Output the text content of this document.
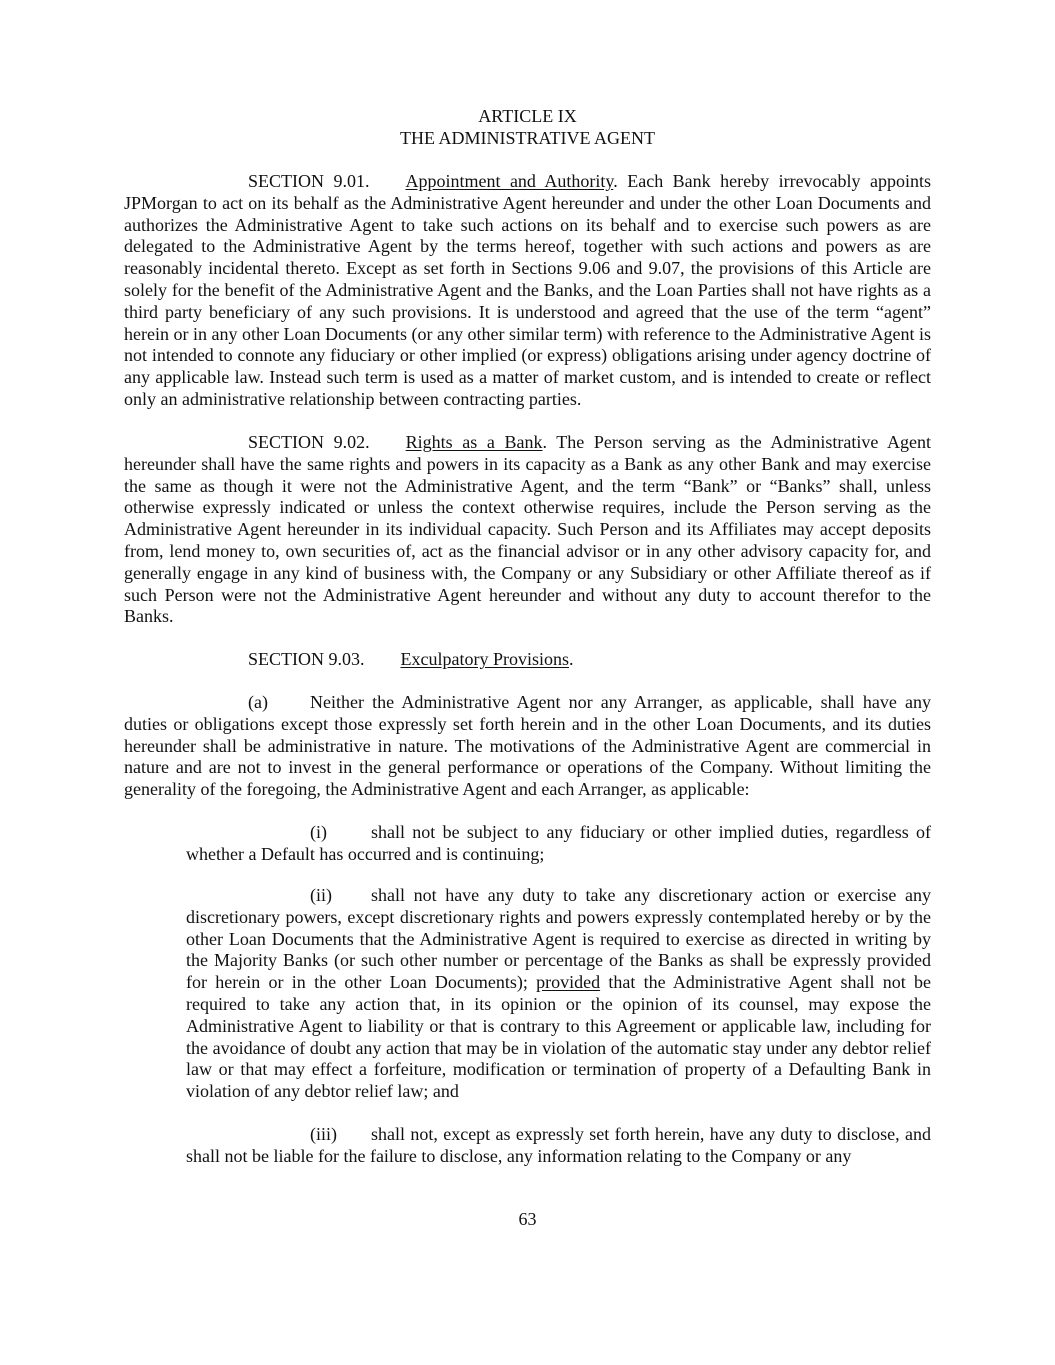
ARTICLE IX
THE ADMINISTRATIVE AGENT
SECTION 9.01. Appointment and Authority. Each Bank hereby irrevocably appoints JPMorgan to act on its behalf as the Administrative Agent hereunder and under the other Loan Documents and authorizes the Administrative Agent to take such actions on its behalf and to exercise such powers as are delegated to the Administrative Agent by the terms hereof, together with such actions and powers as are reasonably incidental thereto. Except as set forth in Sections 9.06 and 9.07, the provisions of this Article are solely for the benefit of the Administrative Agent and the Banks, and the Loan Parties shall not have rights as a third party beneficiary of any such provisions. It is understood and agreed that the use of the term “agent” herein or in any other Loan Documents (or any other similar term) with reference to the Administrative Agent is not intended to connote any fiduciary or other implied (or express) obligations arising under agency doctrine of any applicable law. Instead such term is used as a matter of market custom, and is intended to create or reflect only an administrative relationship between contracting parties.
SECTION 9.02. Rights as a Bank. The Person serving as the Administrative Agent hereunder shall have the same rights and powers in its capacity as a Bank as any other Bank and may exercise the same as though it were not the Administrative Agent, and the term “Bank” or “Banks” shall, unless otherwise expressly indicated or unless the context otherwise requires, include the Person serving as the Administrative Agent hereunder in its individual capacity. Such Person and its Affiliates may accept deposits from, lend money to, own securities of, act as the financial advisor or in any other advisory capacity for, and generally engage in any kind of business with, the Company or any Subsidiary or other Affiliate thereof as if such Person were not the Administrative Agent hereunder and without any duty to account therefor to the Banks.
SECTION 9.03. Exculpatory Provisions.
(a) Neither the Administrative Agent nor any Arranger, as applicable, shall have any duties or obligations except those expressly set forth herein and in the other Loan Documents, and its duties hereunder shall be administrative in nature. The motivations of the Administrative Agent are commercial in nature and are not to invest in the general performance or operations of the Company. Without limiting the generality of the foregoing, the Administrative Agent and each Arranger, as applicable:
(i) shall not be subject to any fiduciary or other implied duties, regardless of whether a Default has occurred and is continuing;
(ii) shall not have any duty to take any discretionary action or exercise any discretionary powers, except discretionary rights and powers expressly contemplated hereby or by the other Loan Documents that the Administrative Agent is required to exercise as directed in writing by the Majority Banks (or such other number or percentage of the Banks as shall be expressly provided for herein or in the other Loan Documents); provided that the Administrative Agent shall not be required to take any action that, in its opinion or the opinion of its counsel, may expose the Administrative Agent to liability or that is contrary to this Agreement or applicable law, including for the avoidance of doubt any action that may be in violation of the automatic stay under any debtor relief law or that may effect a forfeiture, modification or termination of property of a Defaulting Bank in violation of any debtor relief law; and
(iii) shall not, except as expressly set forth herein, have any duty to disclose, and shall not be liable for the failure to disclose, any information relating to the Company or any
63
